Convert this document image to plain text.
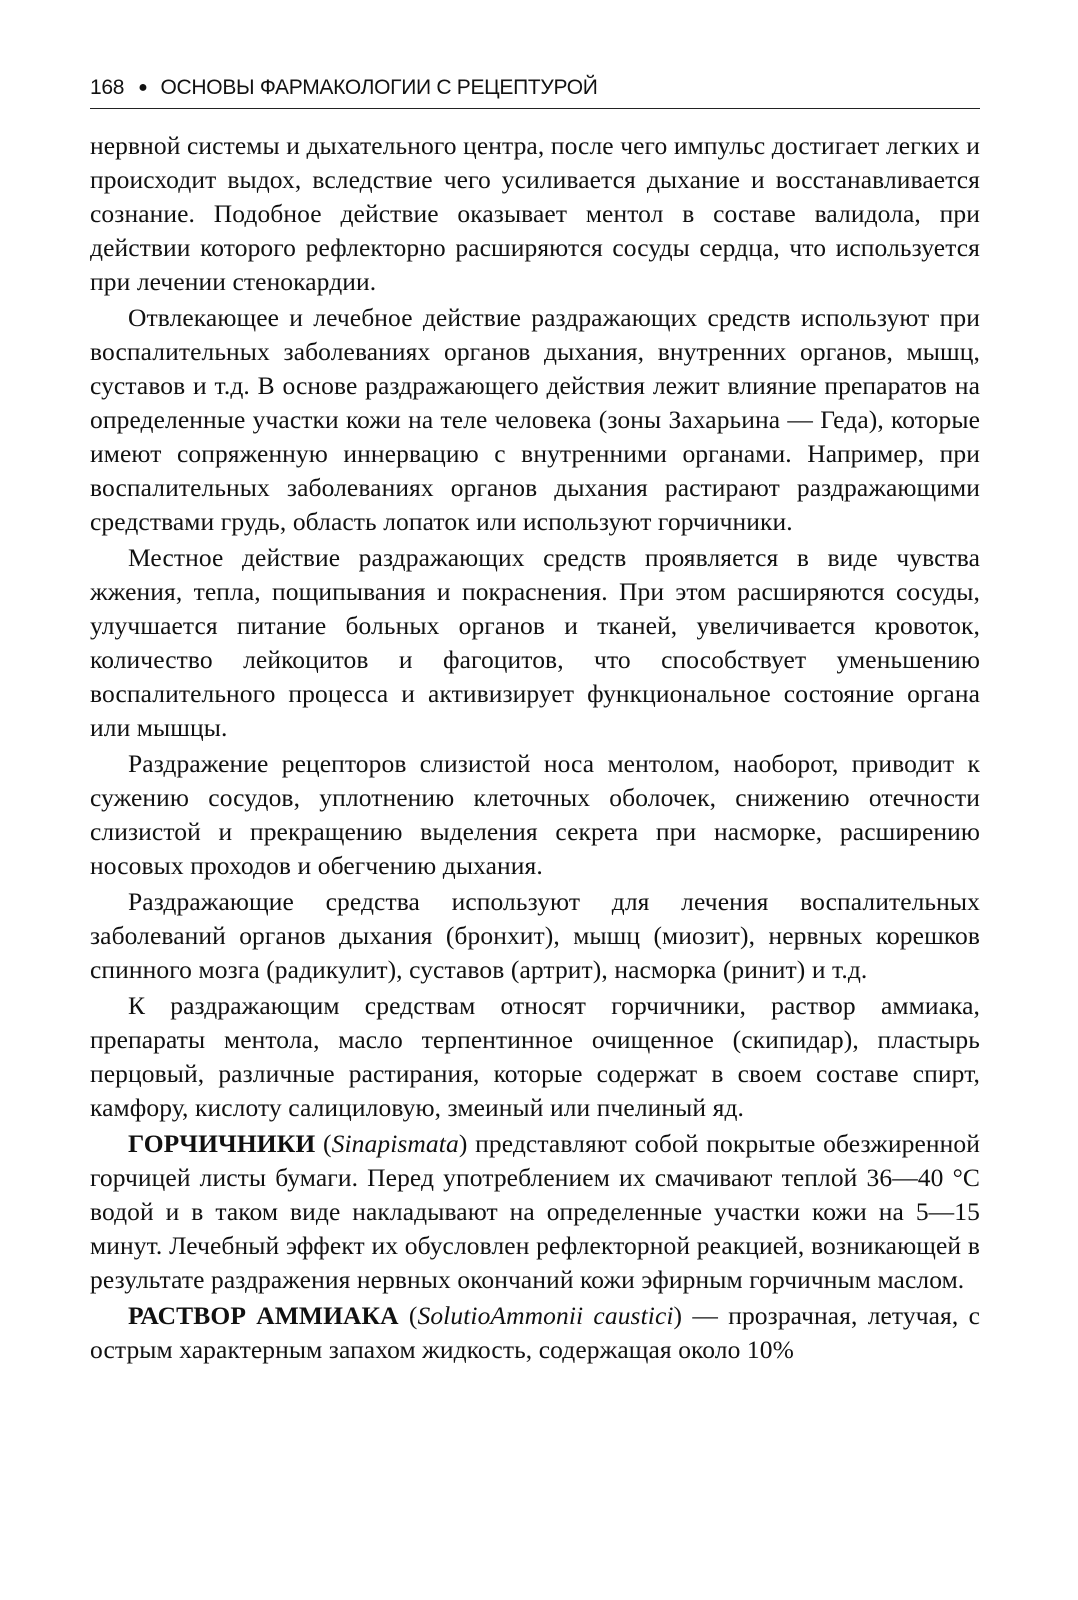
168 ● ОСНОВЫ ФАРМАКОЛОГИИ С РЕЦЕПТУРОЙ

нервной системы и дыхательного центра, после чего импульс достигает легких и происходит выдох, вследствие чего усиливается дыхание и восстанавливается сознание. Подобное действие оказывает ментол в составе валидола, при действии которого рефлекторно расширяются сосуды сердца, что используется при лечении стенокардии.

Отвлекающее и лечебное действие раздражающих средств используют при воспалительных заболеваниях органов дыхания, внутренних органов, мышц, суставов и т.д. В основе раздражающего действия лежит влияние препаратов на определенные участки кожи на теле человека (зоны Захарьина — Геда), которые имеют сопряженную иннервацию с внутренними органами. Например, при воспалительных заболеваниях органов дыхания растирают раздражающими средствами грудь, область лопаток или используют горчичники.

Местное действие раздражающих средств проявляется в виде чувства жжения, тепла, пощипывания и покраснения. При этом расширяются сосуды, улучшается питание больных органов и тканей, увеличивается кровоток, количество лейкоцитов и фагоцитов, что способствует уменьшению воспалительного процесса и активизирует функциональное состояние органа или мышцы.

Раздражение рецепторов слизистой носа ментолом, наоборот, приводит к сужению сосудов, уплотнению клеточных оболочек, снижению отечности слизистой и прекращению выделения секрета при насморке, расширению носовых проходов и обегчению дыхания.

Раздражающие средства используют для лечения воспалительных заболеваний органов дыхания (бронхит), мышц (миозит), нервных корешков спинного мозга (радикулит), суставов (артрит), насморка (ринит) и т.д.

К раздражающим средствам относят горчичники, раствор аммиака, препараты ментола, масло терпентинное очищенное (скипидар), пластырь перцовый, различные растирания, которые содержат в своем составе спирт, камфору, кислоту салициловую, змеиный или пчелиный яд.

ГОРЧИЧНИКИ (Sinapismata) представляют собой покрытые обезжиренной горчицей листы бумаги. Перед употреблением их смачивают теплой 36—40 °С водой и в таком виде накладывают на определенные участки кожи на 5—15 минут. Лечебный эффект их обусловлен рефлекторной реакцией, возникающей в результате раздражения нервных окончаний кожи эфирным горчичным маслом.

РАСТВОР АММИАКА (SolutioAmmonii caustici) — прозрачная, летучая, с острым характерным запахом жидкость, содержащая около 10%
